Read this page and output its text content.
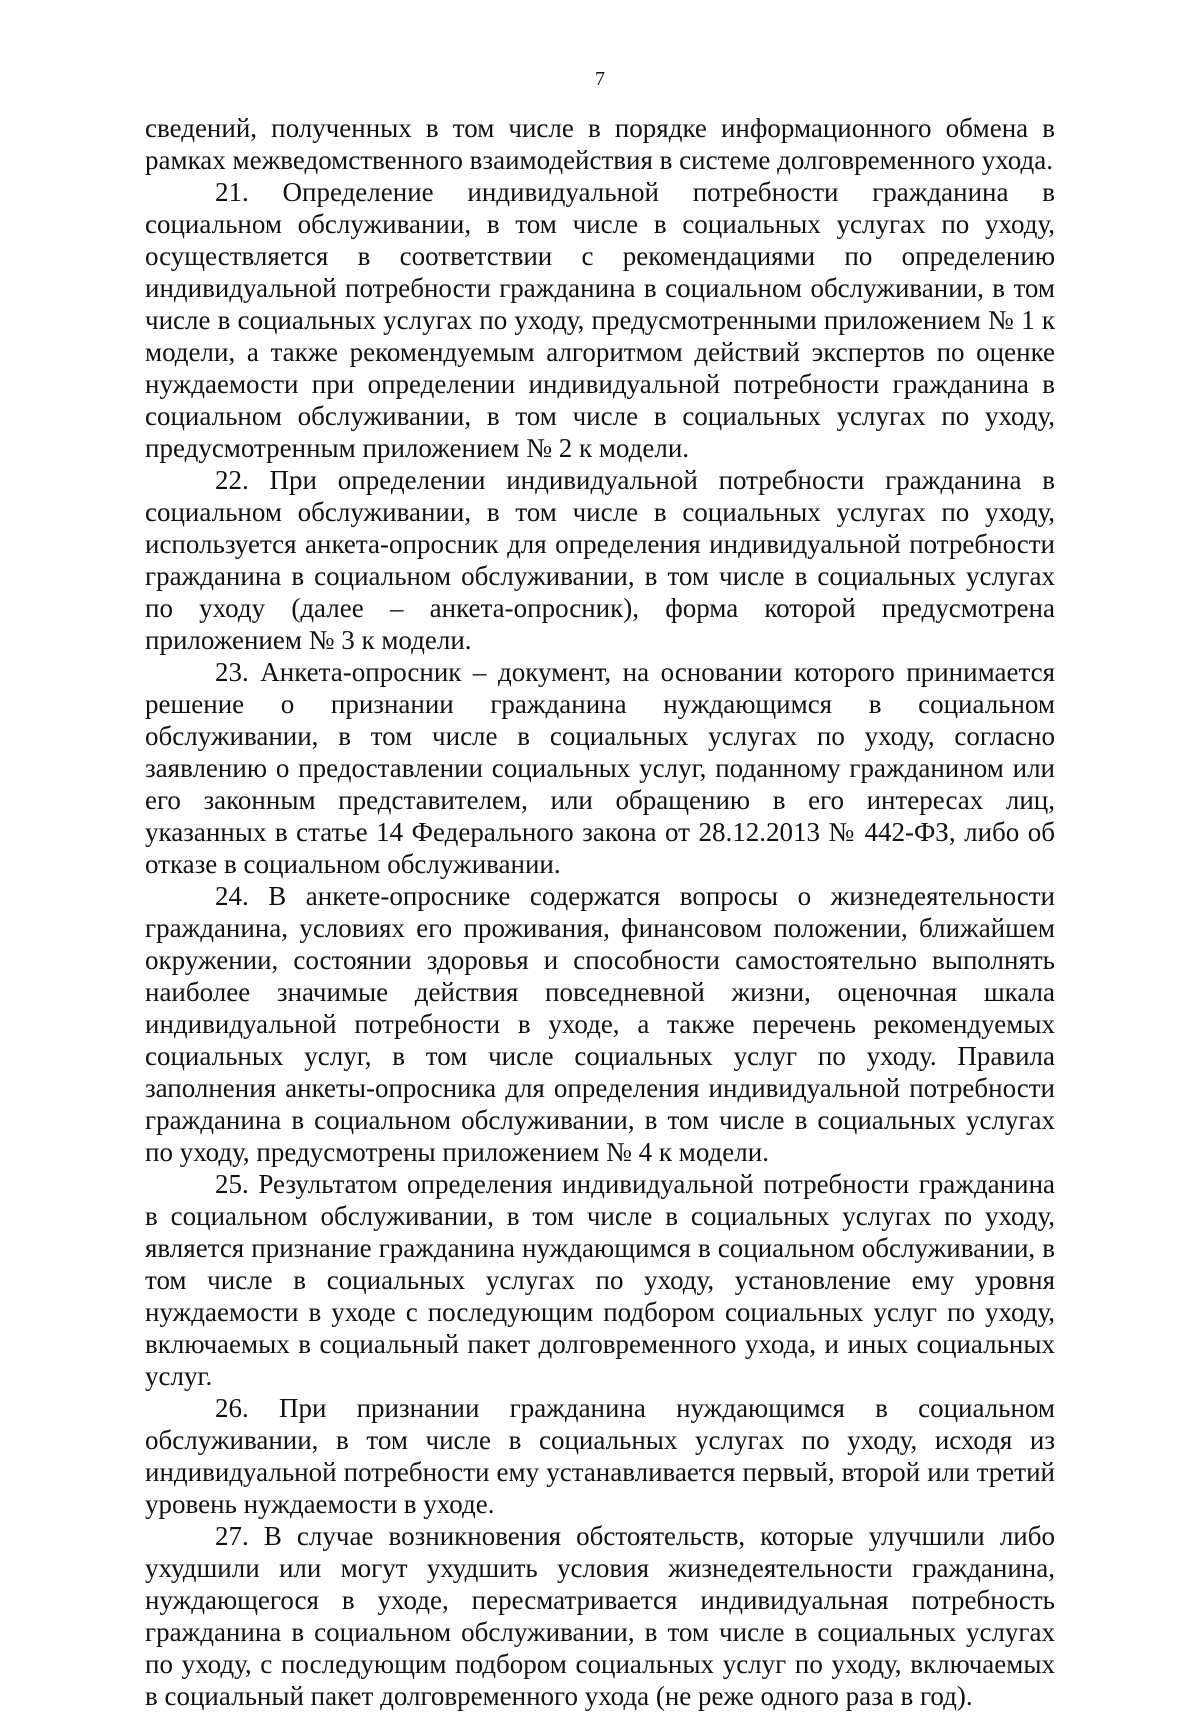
7

сведений, полученных в том числе в порядке информационного обмена в рамках межведомственного взаимодействия в системе долговременного ухода.

21. Определение индивидуальной потребности гражданина в социальном обслуживании, в том числе в социальных услугах по уходу, осуществляется в соответствии с рекомендациями по определению индивидуальной потребности гражданина в социальном обслуживании, в том числе в социальных услугах по уходу, предусмотренными приложением № 1 к модели, а также рекомендуемым алгоритмом действий экспертов по оценке нуждаемости при определении индивидуальной потребности гражданина в социальном обслуживании, в том числе в социальных услугах по уходу, предусмотренным приложением № 2 к модели.

22. При определении индивидуальной потребности гражданина в социальном обслуживании, в том числе в социальных услугах по уходу, используется анкета-опросник для определения индивидуальной потребности гражданина в социальном обслуживании, в том числе в социальных услугах по уходу (далее – анкета-опросник), форма которой предусмотрена приложением № 3 к модели.

23. Анкета-опросник – документ, на основании которого принимается решение о признании гражданина нуждающимся в социальном обслуживании, в том числе в социальных услугах по уходу, согласно заявлению о предоставлении социальных услуг, поданному гражданином или его законным представителем, или обращению в его интересах лиц, указанных в статье 14 Федерального закона от 28.12.2013 № 442-ФЗ, либо об отказе в социальном обслуживании.

24. В анкете-опроснике содержатся вопросы о жизнедеятельности гражданина, условиях его проживания, финансовом положении, ближайшем окружении, состоянии здоровья и способности самостоятельно выполнять наиболее значимые действия повседневной жизни, оценочная шкала индивидуальной потребности в уходе, а также перечень рекомендуемых социальных услуг, в том числе социальных услуг по уходу. Правила заполнения анкеты-опросника для определения индивидуальной потребности гражданина в социальном обслуживании, в том числе в социальных услугах по уходу, предусмотрены приложением № 4 к модели.

25. Результатом определения индивидуальной потребности гражданина в социальном обслуживании, в том числе в социальных услугах по уходу, является признание гражданина нуждающимся в социальном обслуживании, в том числе в социальных услугах по уходу, установление ему уровня нуждаемости в уходе с последующим подбором социальных услуг по уходу, включаемых в социальный пакет долговременного ухода, и иных социальных услуг.

26. При признании гражданина нуждающимся в социальном обслуживании, в том числе в социальных услугах по уходу, исходя из индивидуальной потребности ему устанавливается первый, второй или третий уровень нуждаемости в уходе.

27. В случае возникновения обстоятельств, которые улучшили либо ухудшили или могут ухудшить условия жизнедеятельности гражданина, нуждающегося в уходе, пересматривается индивидуальная потребность гражданина в социальном обслуживании, в том числе в социальных услугах по уходу, с последующим подбором социальных услуг по уходу, включаемых в социальный пакет долговременного ухода (не реже одного раза в год).
